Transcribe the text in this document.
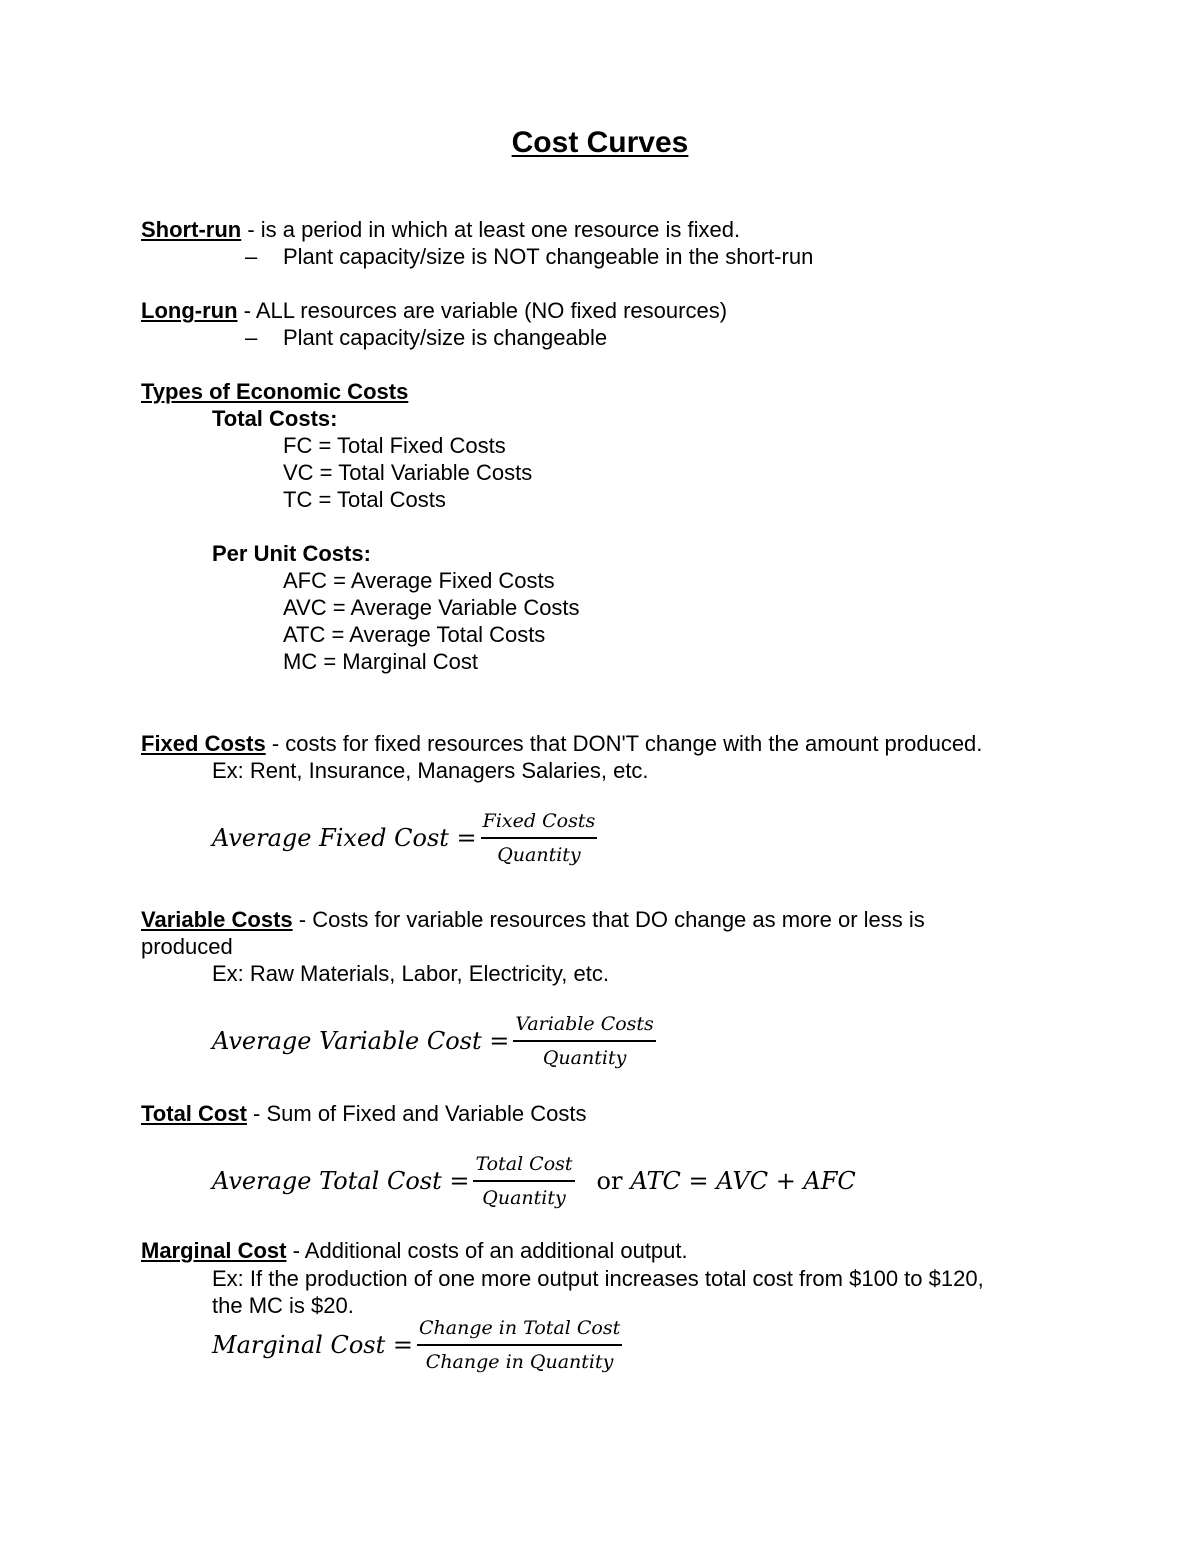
Cost Curves
Short-run - is a period in which at least one resource is fixed.
– Plant capacity/size is NOT changeable in the short-run
Long-run - ALL resources are variable (NO fixed resources)
– Plant capacity/size is changeable
Types of Economic Costs
Total Costs:
FC = Total Fixed Costs
VC = Total Variable Costs
TC = Total Costs
Per Unit Costs:
AFC = Average Fixed Costs
AVC = Average Variable Costs
ATC = Average Total Costs
MC = Marginal Cost
Fixed Costs - costs for fixed resources that DON'T change with the amount produced.
Ex: Rent, Insurance, Managers Salaries, etc.
Average Fixed Cost = $\frac{\text{Fixed Costs}}{\text{Quantity}}$
Variable Costs - Costs for variable resources that DO change as more or less is
produced
Ex: Raw Materials, Labor, Electricity, etc.
Average Variable Cost = $\frac{\text{Variable Costs}}{\text{Quantity}}$
Total Cost - Sum of Fixed and Variable Costs
Average Total Cost = $\frac{\text{Total Cost}}{\text{Quantity}}$ or ATC = AVC + AFC
Marginal Cost - Additional costs of an additional output.
Ex: If the production of one more output increases total cost from $100 to $120,
the MC is $20.
Marginal Cost = $\frac{\text{Change in Total Cost}}{\text{Change in Quantity}}$
